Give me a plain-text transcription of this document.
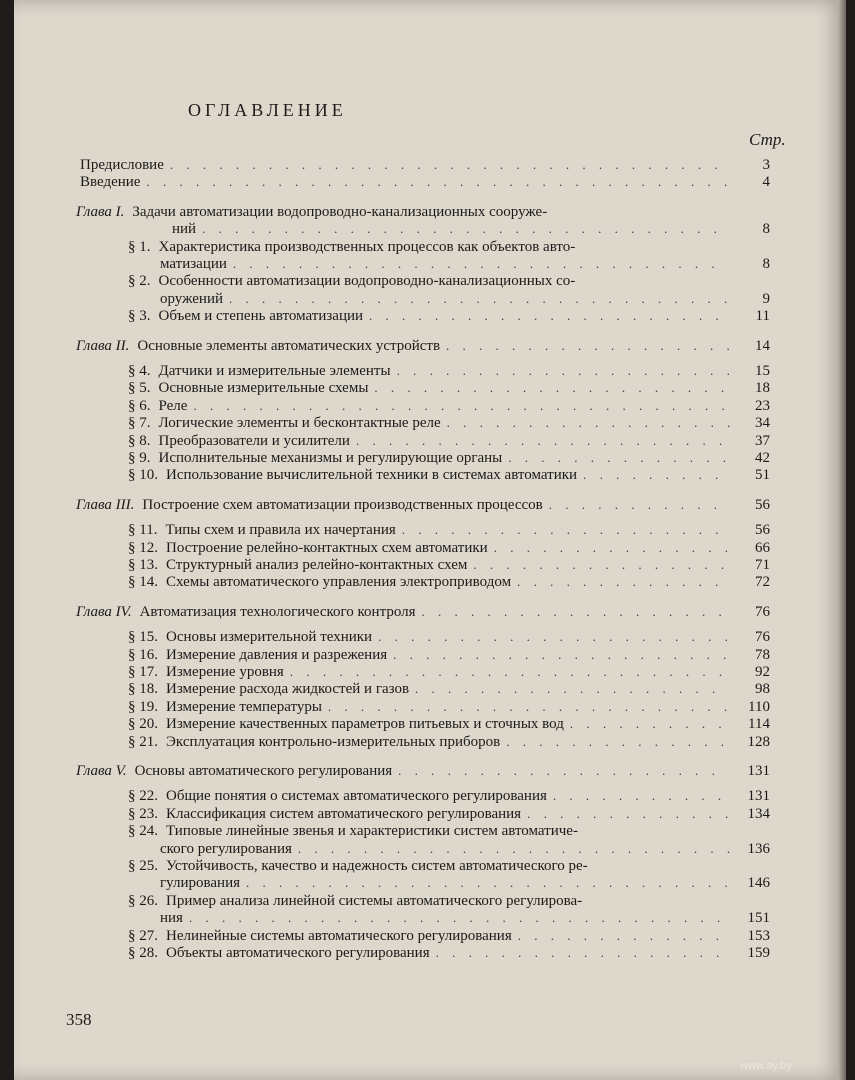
ОГЛАВЛЕНИЕ
Стр.
Предисловие . . . . . . . . . . . . . . . . . . . . . . . . . . . . . . . . . .	3
Введение . . . . . . . . . . . . . . . . . . . . . . . . . . . . . . . . . . . .	4
Глава I. Задачи автоматизации водопроводно-канализационных сооруже-
ний . . . . . . . . . . . . . . . . . . . . . . . . . . . . . . . .	8
§ 1. Характеристика производственных процессов как объектов авто-
матизации . . . . . . . . . . . . . . . . . . . . . . . . . . . . . .	8
§ 2. Особенности автоматизации водопроводно-канализационных со-
оружений . . . . . . . . . . . . . . . . . . . . . . . . . . . . . . .	9
§ 3. Объем и степень автоматизации . . . . . . . . . . . . . . . . . . . . . .	11
Глава II. Основные элементы автоматических устройств . . . . . . . . . . . . . . . . . .	14
§ 4. Датчики и измерительные элементы . . . . . . . . . . . . . . . . . . . . .	15
§ 5. Основные измерительные схемы . . . . . . . . . . . . . . . . . . . . . .	18
§ 6. Реле . . . . . . . . . . . . . . . . . . . . . . . . . . . . . . . . .	23
§ 7. Логические элементы и бесконтактные реле . . . . . . . . . . . . . . . . . .	34
§ 8. Преобразователи и усилители . . . . . . . . . . . . . . . . . . . . . . .	37
§ 9. Исполнительные механизмы и регулирующие органы . . . . . . . . . . . . . .	42
§ 10. Использование вычислительной техники в системах автоматики . . . . . . . . .	51
Глава III. Построение схем автоматизации производственных процессов . . . . . . . . . . .	56
§ 11. Типы схем и правила их начертания . . . . . . . . . . . . . . . . . . . .	56
§ 12. Построение релейно-контактных схем автоматики . . . . . . . . . . . . . . .	66
§ 13. Структурный анализ релейно-контактных схем . . . . . . . . . . . . . . . .	71
§ 14. Схемы автоматического управления электроприводом . . . . . . . . . . . . .	72
Глава IV. Автоматизация технологического контроля . . . . . . . . . . . . . . . . . . .	76
§ 15. Основы измерительной техники . . . . . . . . . . . . . . . . . . . . . .	76
§ 16. Измерение давления и разрежения . . . . . . . . . . . . . . . . . . . . .	78
§ 17. Измерение уровня . . . . . . . . . . . . . . . . . . . . . . . . . . .	92
§ 18. Измерение расхода жидкостей и газов . . . . . . . . . . . . . . . . . . .	98
§ 19. Измерение температуры . . . . . . . . . . . . . . . . . . . . . . . . .	110
§ 20. Измерение качественных параметров питьевых и сточных вод . . . . . . . . . .	114
§ 21. Эксплуатация контрольно-измерительных приборов . . . . . . . . . . . . . .	128
Глава V. Основы автоматического регулирования . . . . . . . . . . . . . . . . . . . .	131
§ 22. Общие понятия о системах автоматического регулирования . . . . . . . . . . .	131
§ 23. Классификация систем автоматического регулирования . . . . . . . . . . . . . 134
§ 24. Типовые линейные звенья и характеристики систем автоматиче-
ского регулирования . . . . . . . . . . . . . . . . . . . . . . . . . . . 136
§ 25. Устойчивость, качество и надежность систем автоматического ре-
гулирования . . . . . . . . . . . . . . . . . . . . . . . . . . . . . . 146
§ 26. Пример анализа линейной системы автоматического регулирова-
ния . . . . . . . . . . . . . . . . . . . . . . . . . . . . . . . . .	151
§ 27. Нелинейные системы автоматического регулирования . . . . . . . . . . . . .	153
§ 28. Объекты автоматического регулирования . . . . . . . . . . . . . . . . . .	159
358
www.ay.by
